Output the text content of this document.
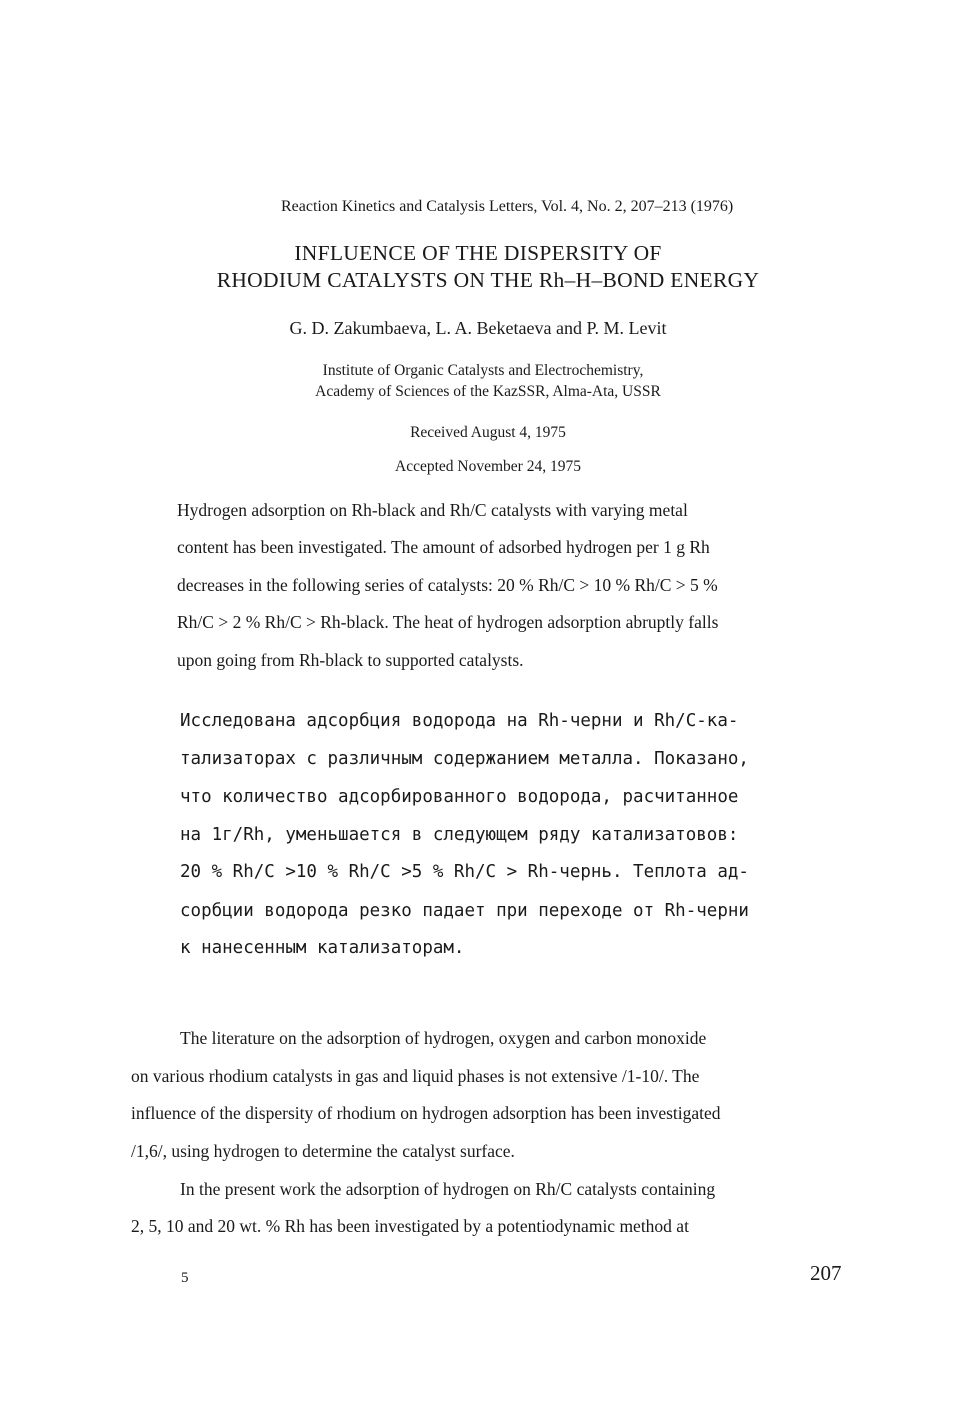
Reaction Kinetics and Catalysis Letters, Vol. 4, No. 2, 207–213 (1976)
INFLUENCE OF THE DISPERSITY OF
RHODIUM CATALYSTS ON THE Rh–H–BOND ENERGY
G. D. Zakumbaeva, L. A. Beketaeva and P. M. Levit
Institute of Organic Catalysts and Electrochemistry,
Academy of Sciences of the KazSSR, Alma-Ata, USSR
Received August 4, 1975
Accepted November 24, 1975
Hydrogen adsorption on Rh-black and Rh/C catalysts with varying metal
content has been investigated. The amount of adsorbed hydrogen per 1 g Rh
decreases in the following series of catalysts: 20 % Rh/C > 10 % Rh/C > 5 %
Rh/C > 2 % Rh/C > Rh-black. The heat of hydrogen adsorption abruptly falls
upon going from Rh-black to supported catalysts.
Исследована адсорбция водорода на Rh-черни и Rh/C-ка-
тализаторах с различным содержанием металла. Показано,
что количество адсорбированного водорода, расчитанное
на 1г/Rh, уменьшается в следующем ряду катализатовов:
20 % Rh/C >10 % Rh/C >5 % Rh/C > Rh-чернь. Теплота ад-
сорбции водорода резко падает при переходе от Rh-черни
к нанесенным катализаторам.
The literature on the adsorption of hydrogen, oxygen and carbon monoxide
on various rhodium catalysts in gas and liquid phases is not extensive /1-10/. The
influence of the dispersity of rhodium on hydrogen adsorption has been investigated
/1,6/, using hydrogen to determine the catalyst surface.
In the present work the adsorption of hydrogen on Rh/C catalysts containing
2, 5, 10 and 20 wt. % Rh has been investigated by a potentiodynamic method at
5	207
